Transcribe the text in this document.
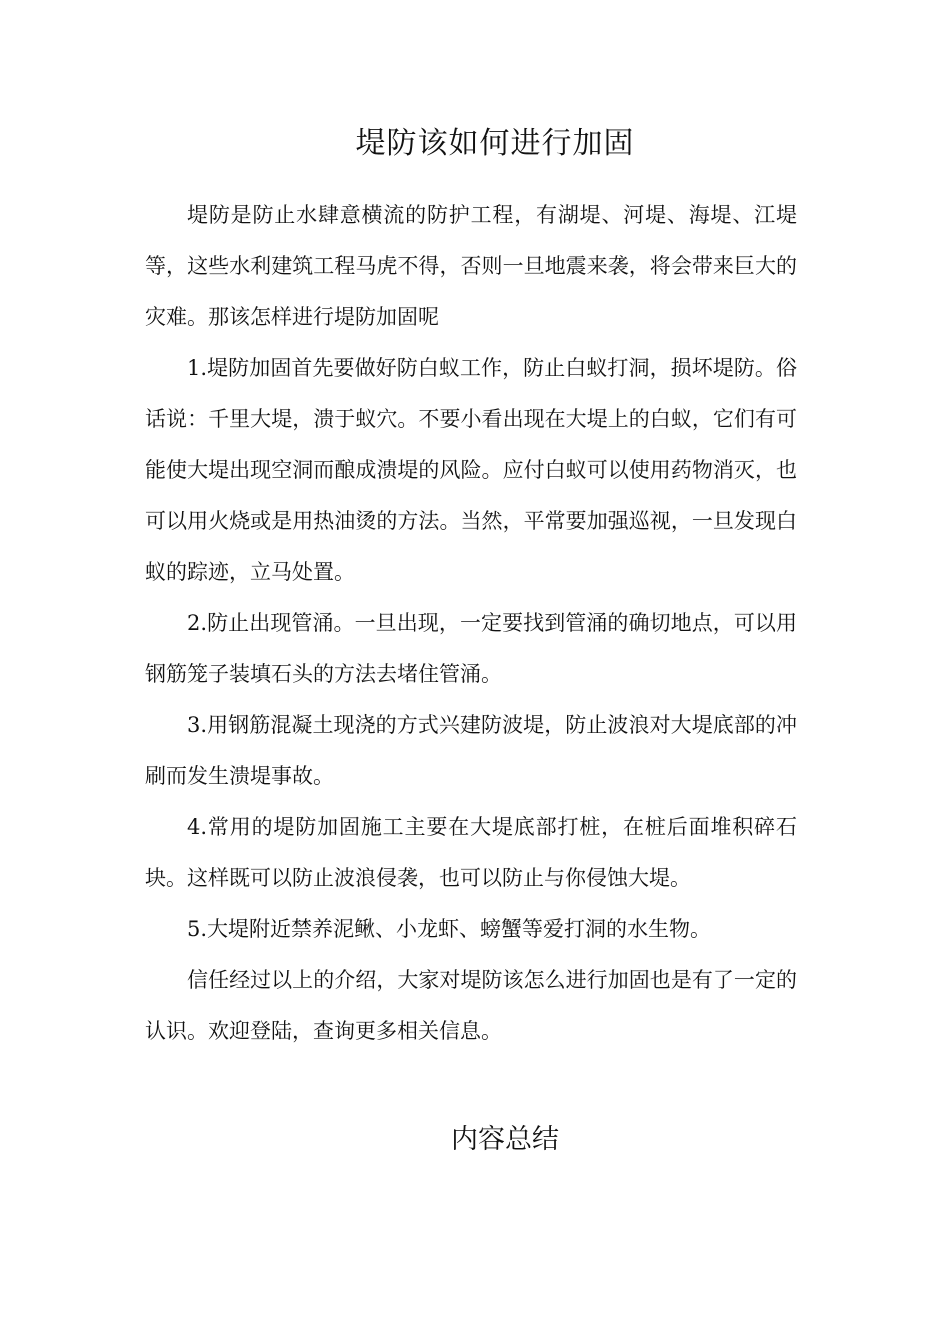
堤防该如何进行加固

堤防是防止水肆意横流的防护工程，有湖堤、河堤、海堤、江堤等，这些水利建筑工程马虎不得，否则一旦地震来袭，将会带来巨大的灾难。那该怎样进行堤防加固呢

1.堤防加固首先要做好防白蚁工作，防止白蚁打洞，损坏堤防。俗话说：千里大堤，溃于蚁穴。不要小看出现在大堤上的白蚁，它们有可能使大堤出现空洞而酿成溃堤的风险。应付白蚁可以使用药物消灭，也可以用火烧或是用热油烫的方法。当然，平常要加强巡视，一旦发现白蚁的踪迹，立马处置。

2.防止出现管涌。一旦出现，一定要找到管涌的确切地点，可以用钢筋笼子装填石头的方法去堵住管涌。

3.用钢筋混凝土现浇的方式兴建防波堤，防止波浪对大堤底部的冲刷而发生溃堤事故。

4.常用的堤防加固施工主要在大堤底部打桩，在桩后面堆积碎石块。这样既可以防止波浪侵袭，也可以防止与你侵蚀大堤。

5.大堤附近禁养泥鳅、小龙虾、螃蟹等爱打洞的水生物。

信任经过以上的介绍，大家对堤防该怎么进行加固也是有了一定的认识。欢迎登陆，查询更多相关信息。

内容总结
